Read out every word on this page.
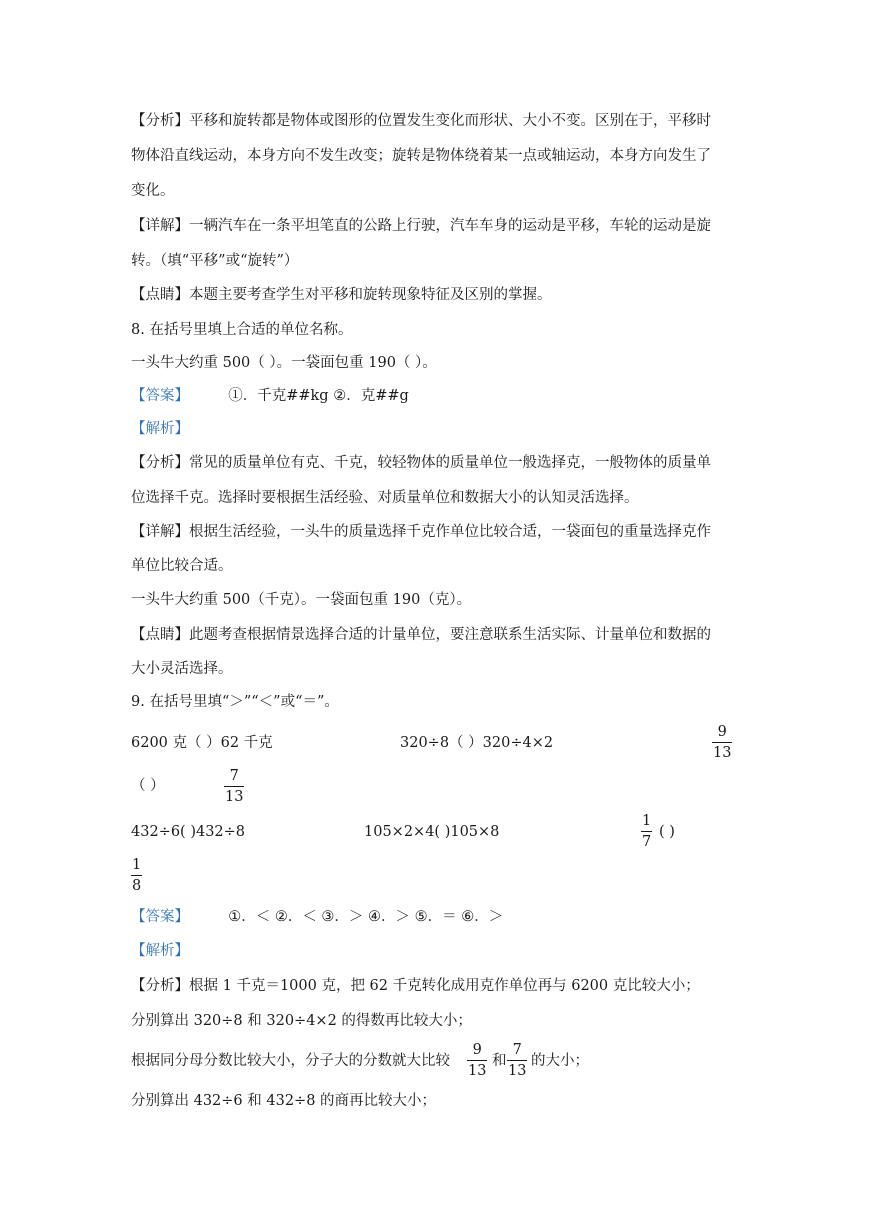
【分析】平移和旋转都是物体或图形的位置发生变化而形状、大小不变。区别在于，平移时
物体沿直线运动，本身方向不发生改变；旋转是物体绕着某一点或轴运动，本身方向发生了
变化。
【详解】一辆汽车在一条平坦笔直的公路上行驶，汽车车身的运动是平移，车轮的运动是旋
转。（填“平移”或“旋转”）
【点睛】本题主要考查学生对平移和旋转现象特征及区别的掌握。
8. 在括号里填上合适的单位名称。
一头牛大约重 500（ ）。一袋面包重 190（ ）。
【答案】	①．千克##kg ②．克##g
【解析】
【分析】常见的质量单位有克、千克，较轻物体的质量单位一般选择克，一般物体的质量单
位选择千克。选择时要根据生活经验、对质量单位和数据大小的认知灵活选择。
【详解】根据生活经验，一头牛的质量选择千克作单位比较合适，一袋面包的重量选择克作
单位比较合适。
一头牛大约重 500（千克）。一袋面包重 190（克）。
【点睛】此题考查根据情景选择合适的计量单位，要注意联系生活实际、计量单位和数据的
大小灵活选择。
9. 在括号里填“＞”“＜”或“＝”。
6200 克（ ）62 千克	320÷8（ ）320÷4×2
9
13
（ ）
7
13
432÷6( )432÷8	105×2×4( )105×8
1
7
( )
1
8
【答案】	①．＜ ②．＜ ③．＞ ④．＞ ⑤．＝ ⑥．＞
【解析】
【分析】根据 1 千克＝1000 克，把 62 千克转化成用克作单位再与 6200 克比较大小；
分别算出 320÷8 和 320÷4×2 的得数再比较大小；
根据同分母分数比较大小，分子大的分数就大比较
9
13
和
7
13
的大小；
分别算出 432÷6 和 432÷8 的商再比较大小；
